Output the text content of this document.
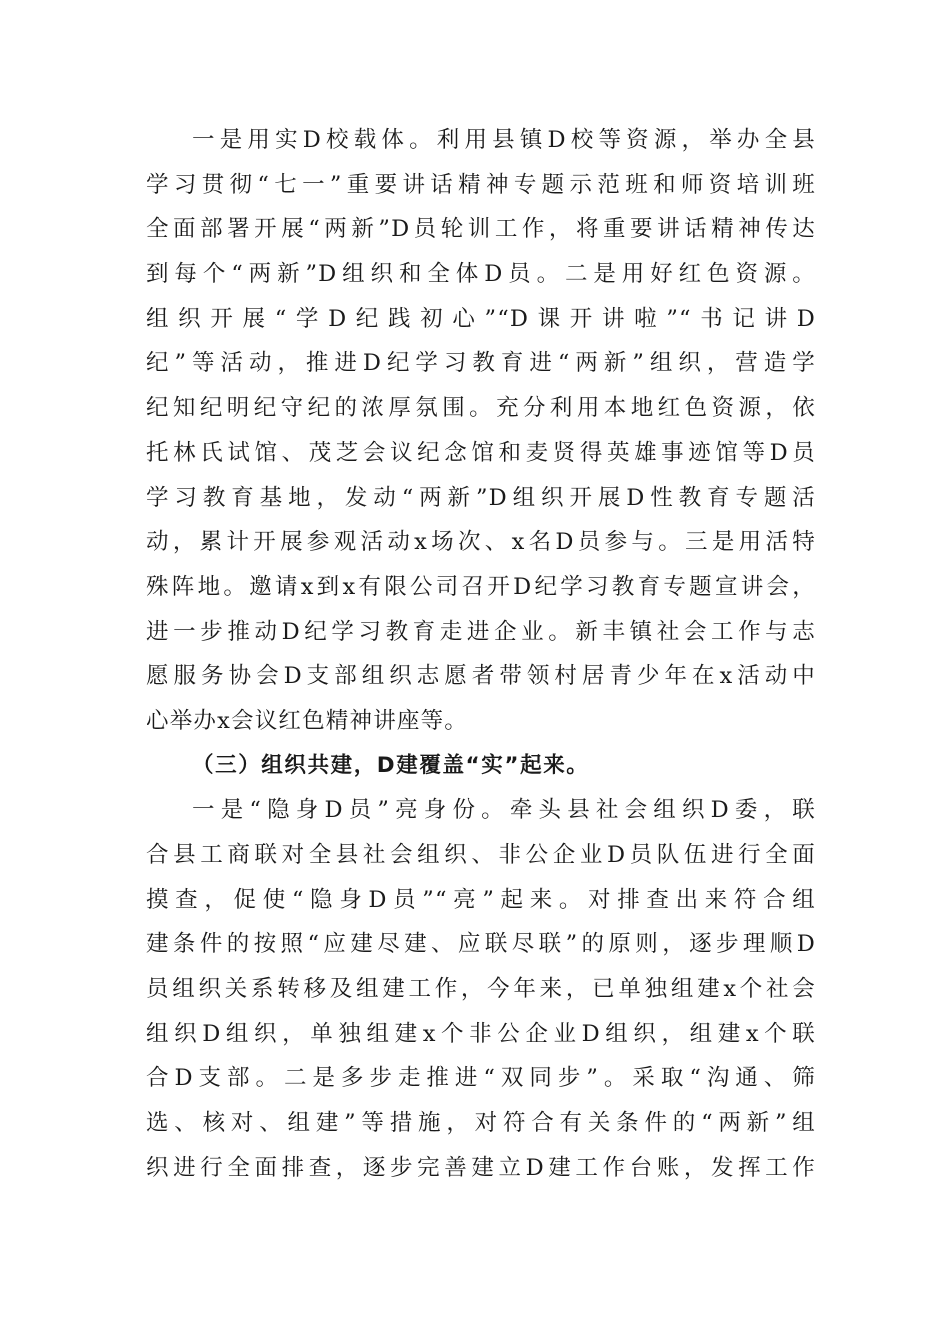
一是用实D校载体。利用县镇D校等资源，举办全县
学习贯彻“七一”重要讲话精神专题示范班和师资培训班
全面部署开展“两新”D员轮训工作，将重要讲话精神传达
到每个“两新”D组织和全体D员。二是用好红色资源。
组织开展“学D纪践初心”“D课开讲啦”“书记讲D
纪”等活动，推进D纪学习教育进“两新”组织，营造学
纪知纪明纪守纪的浓厚氛围。充分利用本地红色资源，依
托林氏试馆、茂芝会议纪念馆和麦贤得英雄事迹馆等D员
学习教育基地，发动“两新”D组织开展D性教育专题活
动，累计开展参观活动x场次、x名D员参与。三是用活特
殊阵地。邀请x到x有限公司召开D纪学习教育专题宣讲会，
进一步推动D纪学习教育走进企业。新丰镇社会工作与志
愿服务协会D支部组织志愿者带领村居青少年在x活动中
心举办x会议红色精神讲座等。
（三）组织共建，D建覆盖“实”起来。
一是“隐身D员”亮身份。牵头县社会组织D委，联
合县工商联对全县社会组织、非公企业D员队伍进行全面
摸查，促使“隐身D员”“亮”起来。对排查出来符合组
建条件的按照“应建尽建、应联尽联”的原则，逐步理顺D
员组织关系转移及组建工作，今年来，已单独组建x个社会
组织D组织，单独组建x个非公企业D组织，组建x个联
合D支部。二是多步走推进“双同步”。采取“沟通、筛
选、核对、组建”等措施，对符合有关条件的“两新”组
织进行全面排查，逐步完善建立D建工作台账，发挥工作
